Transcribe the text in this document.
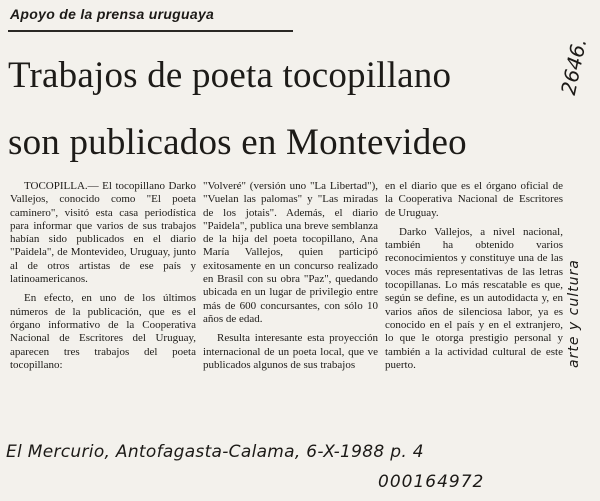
Apoyo de la prensa uruguaya
Trabajos de poeta tocopillano
son publicados en Montevideo

TOCOPILLA.— El tocopillano Darko Vallejos, conocido como "El poeta caminero", visitó esta casa periodística para informar que varios de sus trabajos habían sido publicados en el diario "Paidela", de Montevideo, Uruguay, junto al de otros artistas de ese país y latinoamericanos.

En efecto, en uno de los últimos números de la publicación, que es el órgano informativo de la Cooperativa Nacional de Escritores del Uruguay, aparecen tres trabajos del poeta tocopillano:

"Volveré" (versión uno "La Libertad"), "Vuelan las palomas" y "Las miradas de los jotais". Además, el diario "Paidela", publica una breve semblanza de la hija del poeta tocopillano, Ana María Vallejos, quien participó exitosamente en un concurso realizado en Brasil con su obra "Paz", quedando ubicada en un lugar de privilegio entre más de 600 concursantes, con sólo 10 años de edad.

Resulta interesante esta proyección internacional de un poeta local, que ve publicados algunos de sus trabajos

en el diario que es el órgano oficial de la Cooperativa Nacional de Escritores de Uruguay.

Darko Vallejos, a nivel nacional, también ha obtenido varios reconocimientos y constituye una de las voces más representativas de las letras tocopillanas. Lo más rescatable es que, según se define, es un autodidacta y, en varios años de silenciosa labor, ya es conocido en el país y en el extranjero, lo que le otorga prestigio personal y también a la actividad cultural de este puerto.

2646.
arte y cultura
El Mercurio, Antofagasta-Calama, 6-X-1988 p. 4
000164972
